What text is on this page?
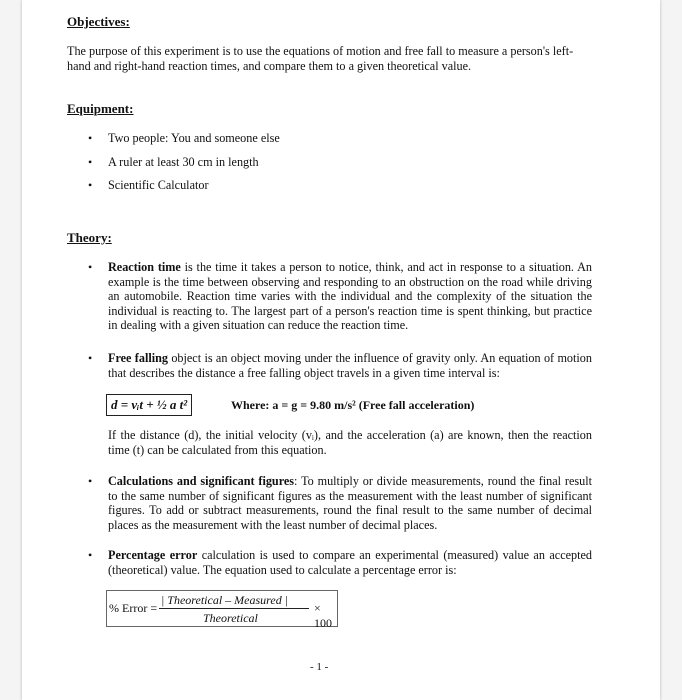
Objectives:
The purpose of this experiment is to use the equations of motion and free fall to measure a person's left-hand and right-hand reaction times, and compare them to a given theoretical value.
Equipment:
•	Two people: You and someone else
•	A ruler at least 30 cm in length
•	Scientific Calculator
Theory:
•	Reaction time is the time it takes a person to notice, think, and act in response to a situation. An example is the time between observing and responding to an obstruction on the road while driving an automobile. Reaction time varies with the individual and the complexity of the situation the individual is reacting to. The largest part of a person's reaction time is spent thinking, but practice in dealing with a given situation can reduce the reaction time.
•	Free falling object is an object moving under the influence of gravity only. An equation of motion that describes the distance a free falling object travels in a given time interval is:
d = vᵢt + ½ a t²	Where: a = g = 9.80 m/s² (Free fall acceleration)
If the distance (d), the initial velocity (vᵢ), and the acceleration (a) are known, then the reaction time (t) can be calculated from this equation.
•	Calculations and significant figures: To multiply or divide measurements, round the final result to the same number of significant figures as the measurement with the least number of significant figures. To add or subtract measurements, round the final result to the same number of decimal places as the measurement with the least number of decimal places.
•	Percentage error calculation is used to compare an experimental (measured) value an accepted (theoretical) value. The equation used to calculate a percentage error is:
% Error =
| Theoretical – Measured |
Theoretical
× 100
- 1 -
